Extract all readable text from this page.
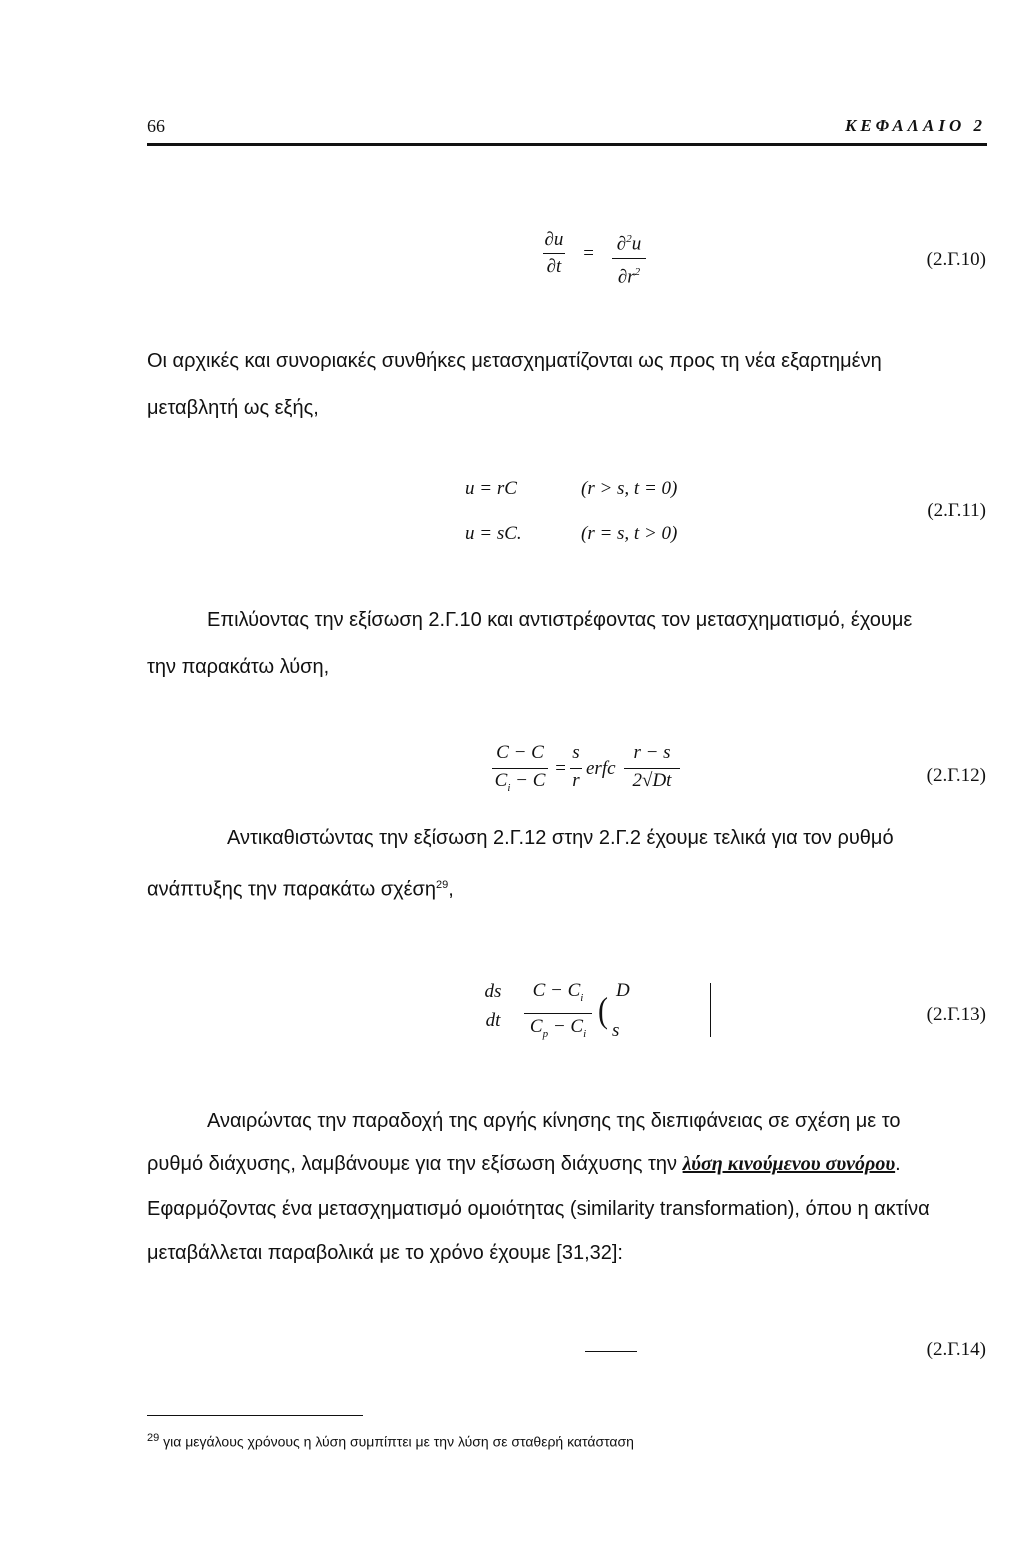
66	ΚΕΦΑΛΑΙΟ 2
∂u
∂t
=	∂$^2$u
$\partial r^2$
(2.Γ.10)
Οι αρχικές και συνοριακές συνθήκες μετασχηματίζονται ως προς τη νέα εξαρτημένη
μεταβλητή ως εξής,
u = rC	(r > s, t = 0)
u = sC.	(r = s, t > 0)
(2.Γ.11)
Επιλύοντας την εξίσωση 2.Γ.10 και αντιστρέφοντας τον μετασχηματισμό, έχουμε
την παρακάτω λύση,
C − C
$C_i - C$
=
s
r
erfc
r − s
2√Dt	(2.Γ.12)
Αντικαθιστώντας την εξίσωση 2.Γ.12 στην 2.Γ.2 έχουμε τελικά για τον ρυθμό
ανάπτυξης την παρακάτω σχέση$^{29}$,
ds
dt
$C - C_i$
$C_p - C_i$
(
D
s
(2.Γ.13)
Αναιρώντας την παραδοχή της αργής κίνησης της διεπιφάνειας σε σχέση με το
ρυθμό διάχυσης, λαμβάνουμε για την εξίσωση διάχυσης την λύση κινούμενου συνόρου.
Εφαρμόζοντας ένα μετασχηματισμό ομοιότητας (similarity transformation), όπου η ακτίνα
μεταβάλλεται παραβολικά με το χρόνο έχουμε [31,32]:
(2.Γ.14)
$^{29}$ για μεγάλους χρόνους η λύση συμπίπτει με την λύση σε σταθερή κατάσταση
